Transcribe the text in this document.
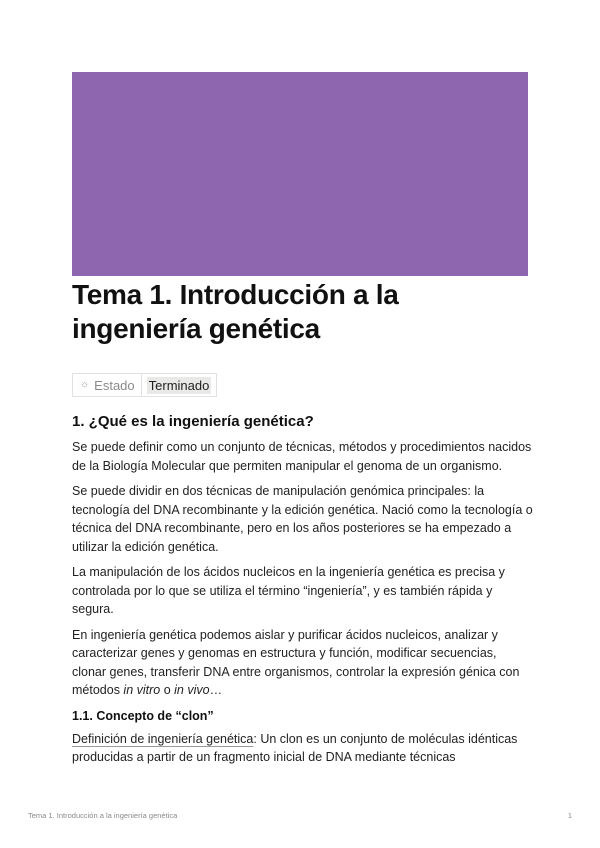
Tema 1. Introducción a la ingeniería genética
☼ Estado Terminado
1. ¿Qué es la ingeniería genética?

Se puede definir como un conjunto de técnicas, métodos y procedimientos nacidos de la Biología Molecular que permiten manipular el genoma de un organismo.

Se puede dividir en dos técnicas de manipulación genómica principales: la tecnología del DNA recombinante y la edición genética. Nació como la tecnología o técnica del DNA recombinante, pero en los años posteriores se ha empezado a utilizar la edición genética.

La manipulación de los ácidos nucleicos en la ingeniería genética es precisa y controlada por lo que se utiliza el término “ingeniería”, y es también rápida y segura.

En ingeniería genética podemos aislar y purificar ácidos nucleicos, analizar y caracterizar genes y genomas en estructura y función, modificar secuencias, clonar genes, transferir DNA entre organismos, controlar la expresión génica con métodos in vitro o in vivo…

1.1. Concepto de “clon”

Definición de ingeniería genética: Un clon es un conjunto de moléculas idénticas producidas a partir de un fragmento inicial de DNA mediante técnicas

Tema 1. Introducción a la ingeniería genética	1
